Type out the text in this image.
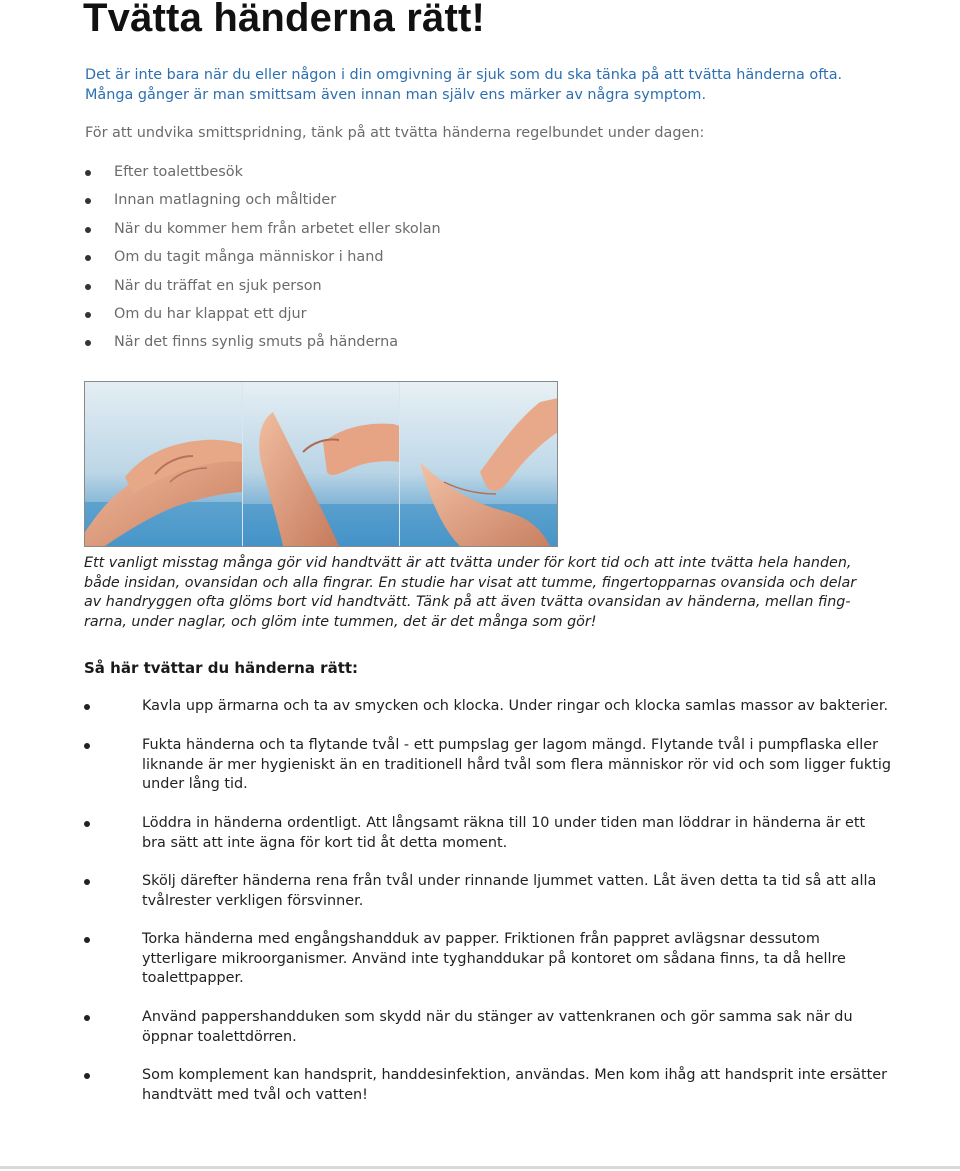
Tvätta händerna rätt!

Det är inte bara när du eller någon i din omgivning är sjuk som du ska tänka på att tvätta händerna ofta.
Många gånger är man smittsam även innan man själv ens märker av några symptom.

För att undvika smittspridning, tänk på att tvätta händerna regelbundet under dagen:

Efter toalettbesök
Innan matlagning och måltider
När du kommer hem från arbetet eller skolan
Om du tagit många människor i hand
När du träffat en sjuk person
Om du har klappat ett djur
När det finns synlig smuts på händerna

Ett vanligt misstag många gör vid handtvätt är att tvätta under för kort tid och att inte tvätta hela handen,
både insidan, ovansidan och alla fingrar. En studie har visat att tumme, fingertopparnas ovansida och delar
av handryggen ofta glöms bort vid handtvätt. Tänk på att även tvätta ovansidan av händerna, mellan fing-
rarna, under naglar, och glöm inte tummen, det är det många som gör!

Så här tvättar du händerna rätt:
Kavla upp ärmarna och ta av smycken och klocka. Under ringar och klocka samlas massor av bakterier.
Fukta händerna och ta flytande tvål - ett pumpslag ger lagom mängd. Flytande tvål i pumpflaska eller
liknande är mer hygieniskt än en traditionell hård tvål som flera människor rör vid och som ligger fuktig
under lång tid.
Löddra in händerna ordentligt. Att långsamt räkna till 10 under tiden man löddrar in händerna är ett
bra sätt att inte ägna för kort tid åt detta moment.
Skölj därefter händerna rena från tvål under rinnande ljummet vatten. Låt även detta ta tid så att alla
tvålrester verkligen försvinner.
Torka händerna med engångshandduk av papper. Friktionen från pappret avlägsnar dessutom
ytterligare mikroorganismer. Använd inte tyghanddukar på kontoret om sådana finns, ta då hellre
toalettpapper.
Använd pappershandduken som skydd när du stänger av vattenkranen och gör samma sak när du
öppnar toalettdörren.
Som komplement kan handsprit, handdesinfektion, användas. Men kom ihåg att handsprit inte ersätter
handtvätt med tvål och vatten!
